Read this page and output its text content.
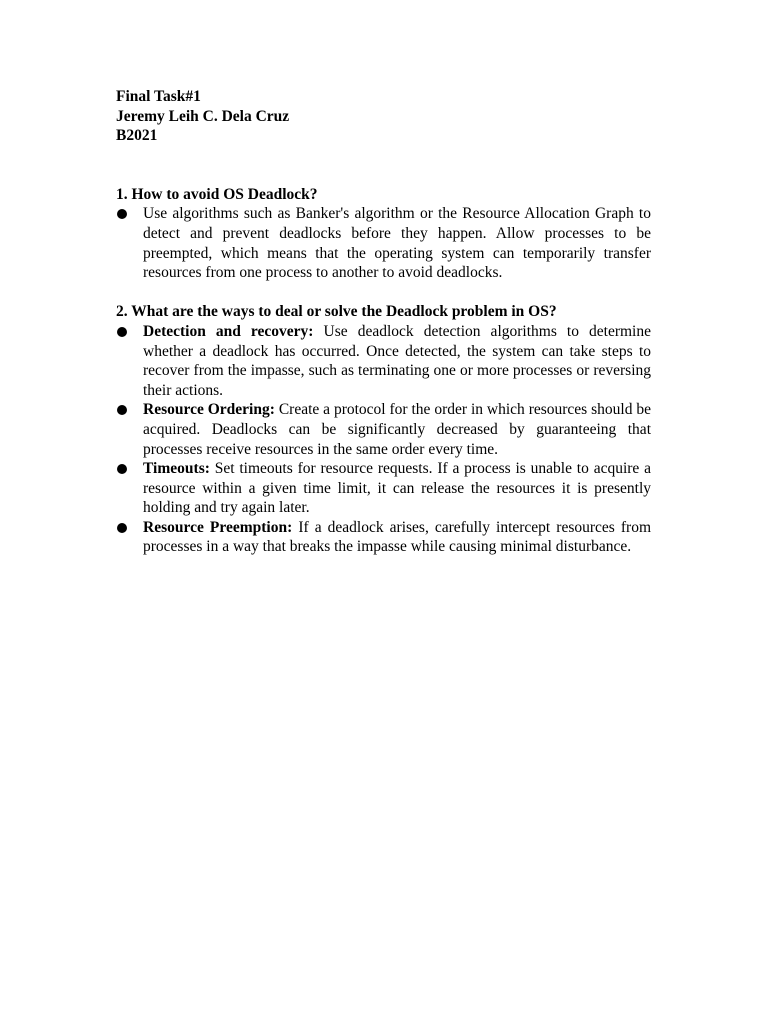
Final Task#1
Jeremy Leih C. Dela Cruz
B2021
1. How to avoid OS Deadlock?
Use algorithms such as Banker's algorithm or the Resource Allocation Graph to detect and prevent deadlocks before they happen. Allow processes to be preempted, which means that the operating system can temporarily transfer resources from one process to another to avoid deadlocks.
2. What are the ways to deal or solve the Deadlock problem in OS?
Detection and recovery: Use deadlock detection algorithms to determine whether a deadlock has occurred. Once detected, the system can take steps to recover from the impasse, such as terminating one or more processes or reversing their actions.
Resource Ordering: Create a protocol for the order in which resources should be acquired. Deadlocks can be significantly decreased by guaranteeing that processes receive resources in the same order every time.
Timeouts: Set timeouts for resource requests. If a process is unable to acquire a resource within a given time limit, it can release the resources it is presently holding and try again later.
Resource Preemption: If a deadlock arises, carefully intercept resources from processes in a way that breaks the impasse while causing minimal disturbance.
